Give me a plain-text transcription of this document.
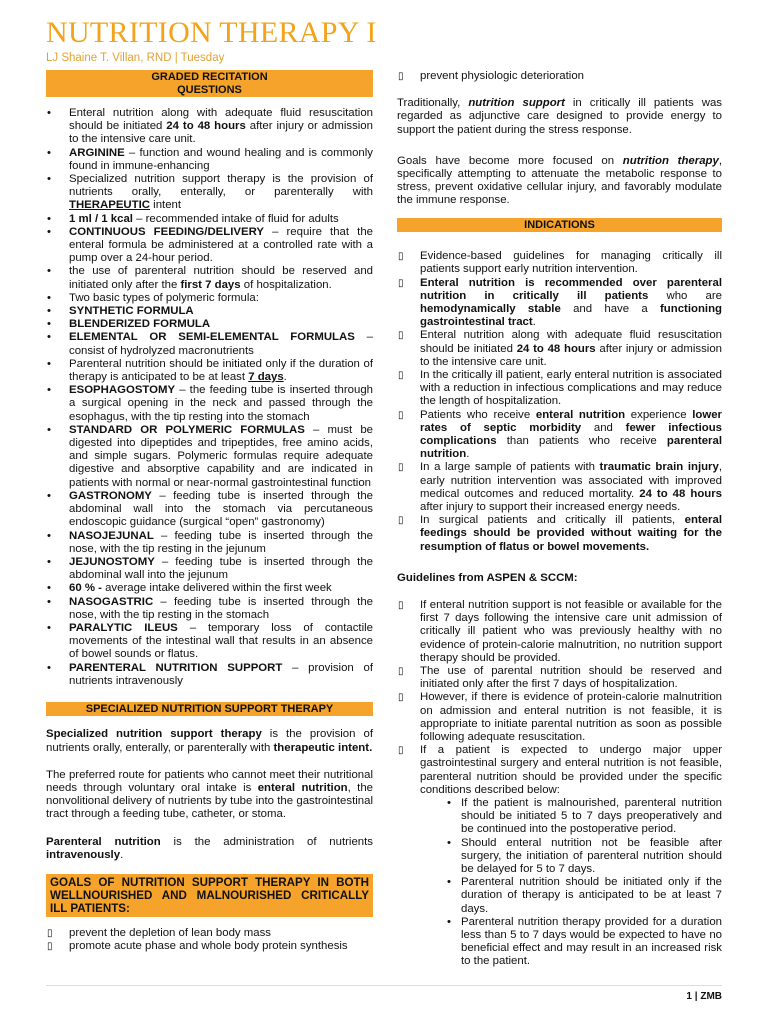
NUTRITION THERAPY I
LJ Shaine T. Villan, RND | Tuesday
GRADED RECITATION
QUESTIONS
• Enteral nutrition along with adequate fluid resuscitation should be initiated 24 to 48 hours after injury or admission to the intensive care unit.
• ARGININE – function and wound healing and is commonly found in immune-enhancing
• Specialized nutrition support therapy is the provision of nutrients orally, enterally, or parenterally with THERAPEUTIC intent
• 1 ml / 1 kcal – recommended intake of fluid for adults
• CONTINUOUS FEEDING/DELIVERY – require that the enteral formula be administered at a controlled rate with a pump over a 24-hour period.
• the use of parenteral nutrition should be reserved and initiated only after the first 7 days of hospitalization.
• Two basic types of polymeric formula:
• SYNTHETIC FORMULA
• BLENDERIZED FORMULA
• ELEMENTAL OR SEMI-ELEMENTAL FORMULAS – consist of hydrolyzed macronutrients
• Parenteral nutrition should be initiated only if the duration of therapy is anticipated to be at least 7 days.
• ESOPHAGOSTOMY – the feeding tube is inserted through a surgical opening in the neck and passed through the esophagus, with the tip resting into the stomach
• STANDARD OR POLYMERIC FORMULAS – must be digested into dipeptides and tripeptides, free amino acids, and simple sugars. Polymeric formulas require adequate digestive and absorptive capability and are indicated in patients with normal or near-normal gastrointestinal function
• GASTRONOMY – feeding tube is inserted through the abdominal wall into the stomach via percutaneous endoscopic guidance (surgical “open” gastronomy)
• NASOJEJUNAL – feeding tube is inserted through the nose, with the tip resting in the jejunum
• JEJUNOSTOMY – feeding tube is inserted through the abdominal wall into the jejunum
• 60 % - average intake delivered within the first week
• NASOGASTRIC – feeding tube is inserted through the nose, with the tip resting in the stomach
• PARALYTIC ILEUS – temporary loss of contactile movements of the intestinal wall that results in an absence of bowel sounds or flatus.
• PARENTERAL NUTRITION SUPPORT – provision of nutrients intravenously
SPECIALIZED NUTRITION SUPPORT THERAPY

Specialized nutrition support therapy is the provision of nutrients orally, enterally, or parenterally with therapeutic intent.

The preferred route for patients who cannot meet their nutritional needs through voluntary oral intake is enteral nutrition, the nonvolitional delivery of nutrients by tube into the gastrointestinal tract through a feeding tube, catheter, or stoma.

Parenteral nutrition is the administration of nutrients intravenously.

GOALS OF NUTRITION SUPPORT THERAPY IN BOTH WELLNOURISHED AND MALNOURISHED CRITICALLY ILL PATIENTS:
▯ prevent the depletion of lean body mass
▯ promote acute phase and whole body protein synthesis
▯ prevent physiologic deterioration

Traditionally, nutrition support in critically ill patients was regarded as adjunctive care designed to provide energy to support the patient during the stress response.

Goals have become more focused on nutrition therapy, specifically attempting to attenuate the metabolic response to stress, prevent oxidative cellular injury, and favorably modulate the immune response.

INDICATIONS
▯ Evidence-based guidelines for managing critically ill patients support early nutrition intervention.
▯ Enteral nutrition is recommended over parenteral nutrition in critically ill patients who are hemodynamically stable and have a functioning gastrointestinal tract.
▯ Enteral nutrition along with adequate fluid resuscitation should be initiated 24 to 48 hours after injury or admission to the intensive care unit.
▯ In the critically ill patient, early enteral nutrition is associated with a reduction in infectious complications and may reduce the length of hospitalization.
▯ Patients who receive enteral nutrition experience lower rates of septic morbidity and fewer infectious complications than patients who receive parenteral nutrition.
▯ In a large sample of patients with traumatic brain injury, early nutrition intervention was associated with improved medical outcomes and reduced mortality. 24 to 48 hours after injury to support their increased energy needs.
▯ In surgical patients and critically ill patients, enteral feedings should be provided without waiting for the resumption of flatus or bowel movements.

Guidelines from ASPEN & SCCM:

▯ If enteral nutrition support is not feasible or available for the first 7 days following the intensive care unit admission of critically ill patient who was previously healthy with no evidence of protein-calorie malnutrition, no nutrition support therapy should be provided.
▯ The use of parental nutrition should be reserved and initiated only after the first 7 days of hospitalization.
▯ However, if there is evidence of protein-calorie malnutrition on admission and enteral nutrition is not feasible, it is appropriate to initiate parental nutrition as soon as possible following adequate resuscitation.
▯ If a patient is expected to undergo major upper gastrointestinal surgery and enteral nutrition is not feasible, parenteral nutrition should be provided under the specific conditions described below:
• If the patient is malnourished, parenteral nutrition should be initiated 5 to 7 days preoperatively and be continued into the postoperative period.
• Should enteral nutrition not be feasible after surgery, the initiation of parenteral nutrition should be delayed for 5 to 7 days.
• Parenteral nutrition should be initiated only if the duration of therapy is anticipated to be at least 7 days.
• Parenteral nutrition therapy provided for a duration less than 5 to 7 days would be expected to have no beneficial effect and may result in an increased risk to the patient.
1 | ZMB
